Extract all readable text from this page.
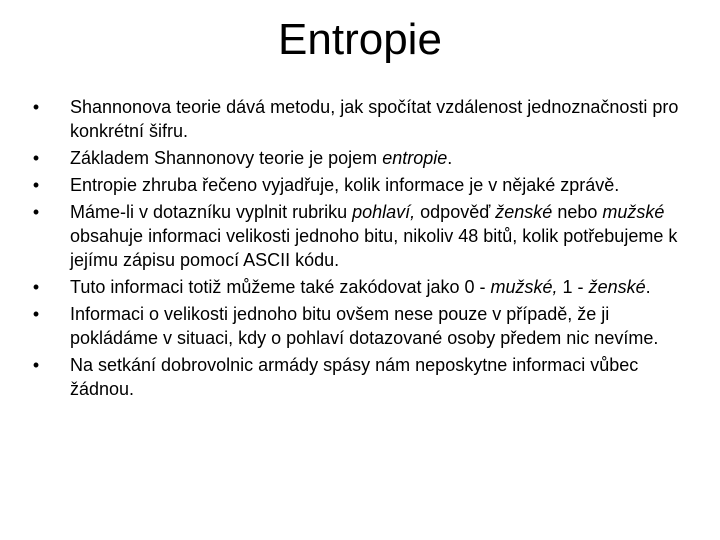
Entropie
• Shannonova teorie dává metodu, jak spočítat vzdálenost jednoznačnosti pro konkrétní šifru.
• Základem Shannonovy teorie je pojem entropie.
• Entropie zhruba řečeno vyjadřuje, kolik informace je v nějaké zprávě.
• Máme-li v dotazníku vyplnit rubriku pohlaví, odpověď ženské nebo mužské obsahuje informaci velikosti jednoho bitu, nikoliv 48 bitů, kolik potřebujeme k jejímu zápisu pomocí ASCII kódu.
• Tuto informaci totiž můžeme také zakódovat jako 0 - mužské, 1 - ženské.
• Informaci o velikosti jednoho bitu ovšem nese pouze v případě, že ji pokládáme v situaci, kdy o pohlaví dotazované osoby předem nic nevíme.
• Na setkání dobrovolnic armády spásy nám neposkytne informaci vůbec žádnou.
